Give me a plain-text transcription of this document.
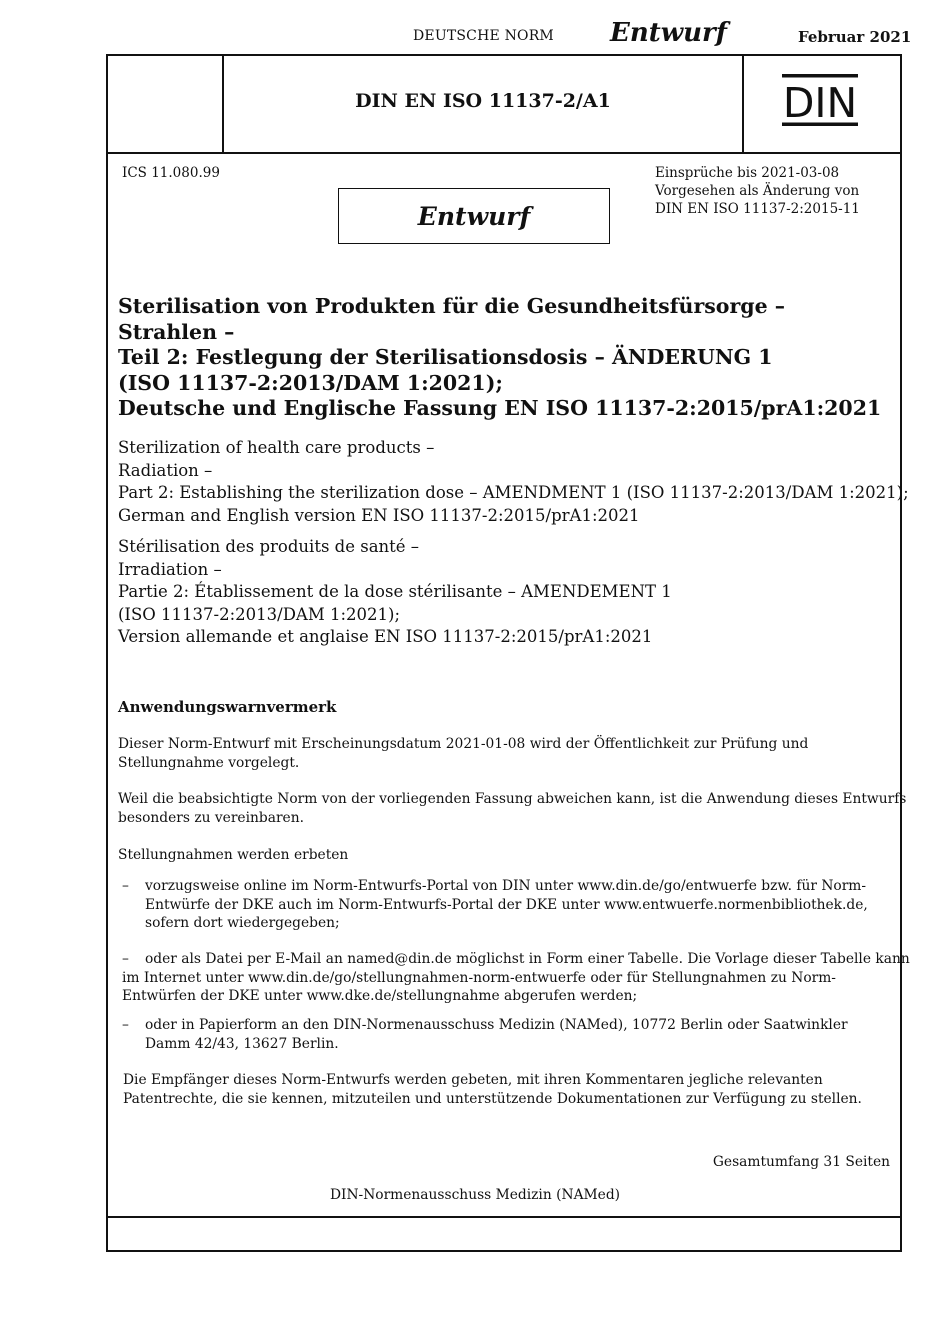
DEUTSCHE NORM Entwurf	Februar 2021
DIN EN ISO 11137-2/A1	DIN
ICS 11.080.99	Einsprüche bis 2021-03-08
Vorgesehen als Änderung von
DIN EN ISO 11137-2:2015-11
Entwurf
Sterilisation von Produkten für die Gesundheitsfürsorge –
Strahlen –
Teil 2: Festlegung der Sterilisationsdosis – ÄNDERUNG 1
(ISO 11137-2:2013/DAM 1:2021);
Deutsche und Englische Fassung EN ISO 11137-2:2015/prA1:2021
Sterilization of health care products –
Radiation –
Part 2: Establishing the sterilization dose – AMENDMENT 1 (ISO 11137-2:2013/DAM 1:2021);
German and English version EN ISO 11137-2:2015/prA1:2021
Stérilisation des produits de santé –
Irradiation –
Partie 2: Établissement de la dose stérilisante – AMENDEMENT 1
(ISO 11137-2:2013/DAM 1:2021);
Version allemande et anglaise EN ISO 11137-2:2015/prA1:2021
Anwendungswarnvermerk
Dieser Norm-Entwurf mit Erscheinungsdatum 2021-01-08 wird der Öffentlichkeit zur Prüfung und
Stellungnahme vorgelegt.
Weil die beabsichtigte Norm von der vorliegenden Fassung abweichen kann, ist die Anwendung dieses Entwurfs
besonders zu vereinbaren.
Stellungnahmen werden erbeten
– vorzugsweise online im Norm-Entwurfs-Portal von DIN unter www.din.de/go/entwuerfe bzw. für Norm-
Entwürfe der DKE auch im Norm-Entwurfs-Portal der DKE unter www.entwuerfe.normenbibliothek.de,
sofern dort wiedergegeben;
–	oder als Datei per E-Mail an named@din.de möglichst in Form einer Tabelle. Die Vorlage dieser Tabelle kann
im Internet unter www.din.de/go/stellungnahmen-norm-entwuerfe oder für Stellungnahmen zu Norm-
Entwürfen der DKE unter www.dke.de/stellungnahme abgerufen werden;
– oder in Papierform an den DIN-Normenausschuss Medizin (NAMed), 10772 Berlin oder Saatwinkler
Damm 42/43, 13627 Berlin.
Die Empfänger dieses Norm-Entwurfs werden gebeten, mit ihren Kommentaren jegliche relevanten
Patentrechte, die sie kennen, mitzuteilen und unterstützende Dokumentationen zur Verfügung zu stellen.
Gesamtumfang 31 Seiten
DIN-Normenausschuss Medizin (NAMed)
